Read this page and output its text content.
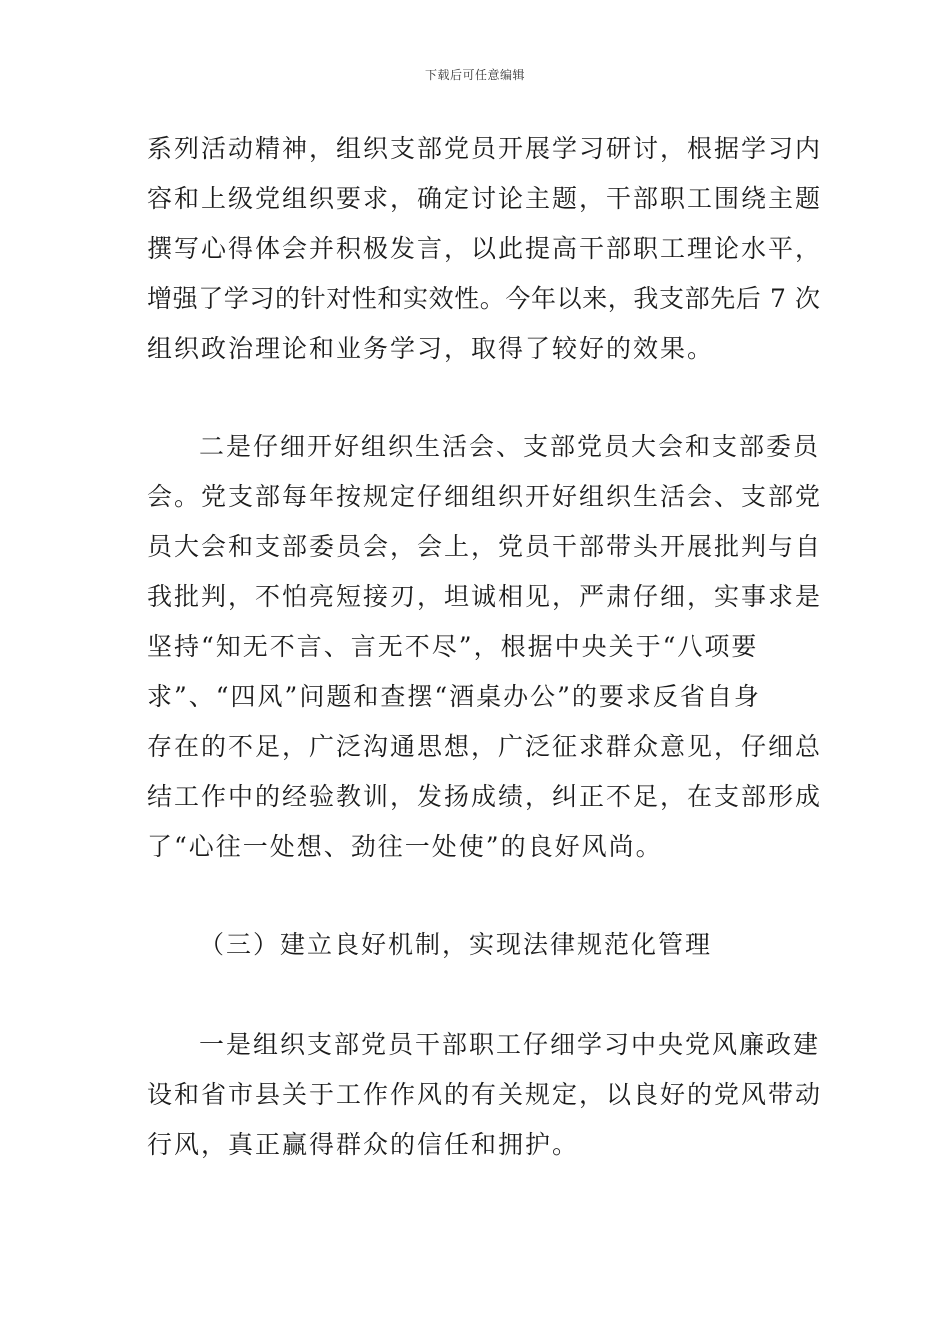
下载后可任意编辑
系列活动精神，组织支部党员开展学习研讨，根据学习内
容和上级党组织要求，确定讨论主题，干部职工围绕主题
撰写心得体会并积极发言，以此提高干部职工理论水平，
增强了学习的针对性和实效性。今年以来，我支部先后 7 次
组织政治理论和业务学习，取得了较好的效果。
二是仔细开好组织生活会、支部党员大会和支部委员
会。党支部每年按规定仔细组织开好组织生活会、支部党
员大会和支部委员会，会上，党员干部带头开展批判与自
我批判，不怕亮短接刃，坦诚相见，严肃仔细，实事求是
坚持“知无不言、言无不尽”，根据中央关于“八项要
求”、“四风”问题和查摆“酒桌办公”的要求反省自身
存在的不足，广泛沟通思想，广泛征求群众意见，仔细总
结工作中的经验教训，发扬成绩，纠正不足，在支部形成
了“心往一处想、劲往一处使”的良好风尚。
（三）建立良好机制，实现法律规范化管理
一是组织支部党员干部职工仔细学习中央党风廉政建
设和省市县关于工作作风的有关规定，以良好的党风带动
行风，真正赢得群众的信任和拥护。
